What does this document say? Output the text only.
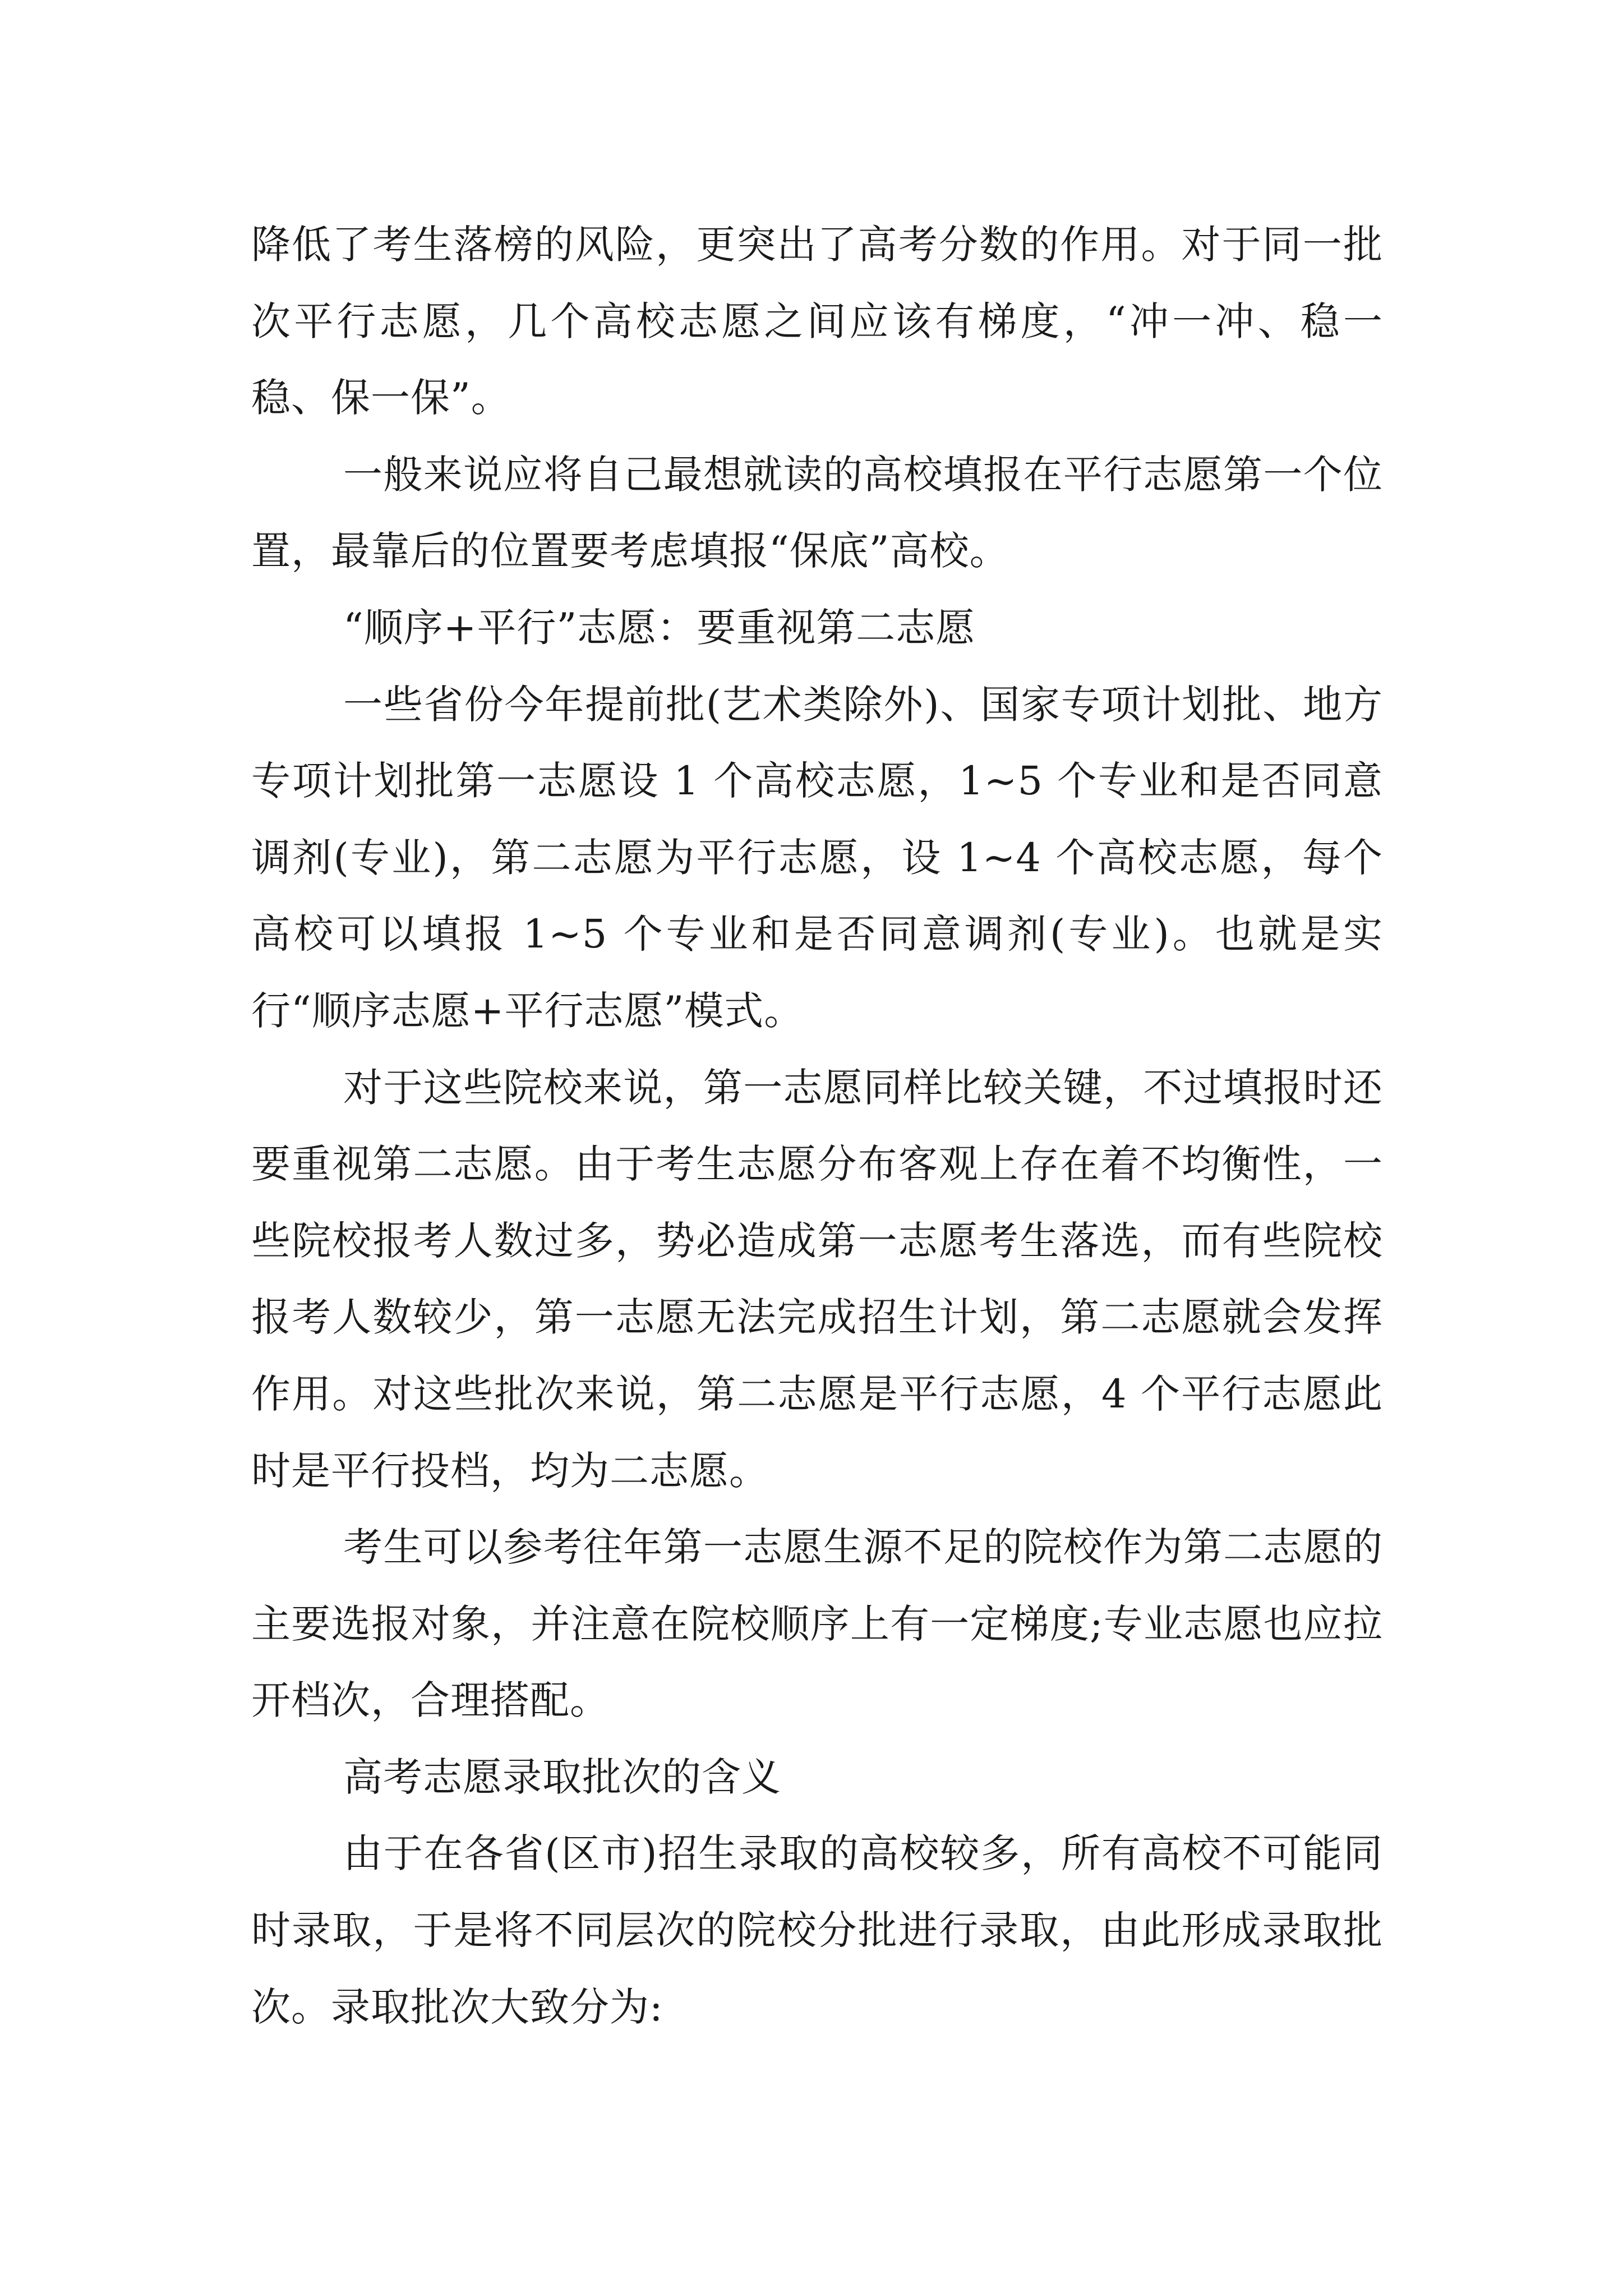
降低了考生落榜的风险，更突出了高考分数的作用。对于同一批次平行志愿，几个高校志愿之间应该有梯度，“冲一冲、稳一稳、保一保”。

一般来说应将自己最想就读的高校填报在平行志愿第一个位置，最靠后的位置要考虑填报“保底”高校。

“顺序+平行”志愿：要重视第二志愿

一些省份今年提前批(艺术类除外)、国家专项计划批、地方专项计划批第一志愿设 1 个高校志愿，1~5 个专业和是否同意调剂(专业)，第二志愿为平行志愿，设 1~4 个高校志愿，每个高校可以填报 1~5 个专业和是否同意调剂(专业)。也就是实行“顺序志愿+平行志愿”模式。

对于这些院校来说，第一志愿同样比较关键，不过填报时还要重视第二志愿。由于考生志愿分布客观上存在着不均衡性，一些院校报考人数过多，势必造成第一志愿考生落选，而有些院校报考人数较少，第一志愿无法完成招生计划，第二志愿就会发挥作用。对这些批次来说，第二志愿是平行志愿，4 个平行志愿此时是平行投档，均为二志愿。

考生可以参考往年第一志愿生源不足的院校作为第二志愿的主要选报对象，并注意在院校顺序上有一定梯度;专业志愿也应拉开档次，合理搭配。

高考志愿录取批次的含义

由于在各省(区市)招生录取的高校较多，所有高校不可能同时录取，于是将不同层次的院校分批进行录取，由此形成录取批次。录取批次大致分为:
